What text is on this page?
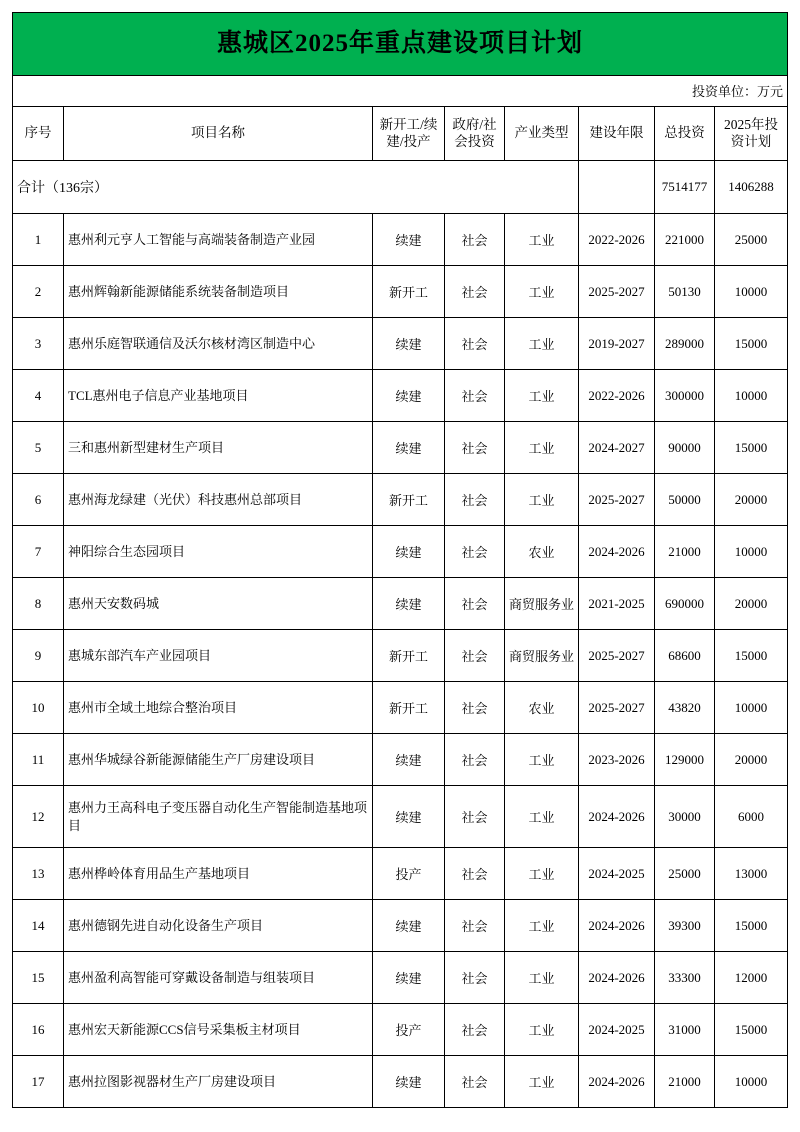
惠城区2025年重点建设项目计划							
投资单位：万元							
序号	项目名称	新开工/续建/投产	政府/社会投资	产业类型	建设年限	总投资	2025年投资计划
合计（136宗）						7514177	1406288
1	惠州利元亨人工智能与高端装备制造产业园	续建	社会	工业	2022-2026	221000	25000
2	惠州辉翰新能源储能系统装备制造项目	新开工	社会	工业	2025-2027	50130	10000
3	惠州乐庭智联通信及沃尔核材湾区制造中心	续建	社会	工业	2019-2027	289000	15000
4	TCL惠州电子信息产业基地项目	续建	社会	工业	2022-2026	300000	10000
5	三和惠州新型建材生产项目	续建	社会	工业	2024-2027	90000	15000
6	惠州海龙绿建（光伏）科技惠州总部项目	新开工	社会	工业	2025-2027	50000	20000
7	神阳综合生态园项目	续建	社会	农业	2024-2026	21000	10000
8	惠州天安数码城	续建	社会	商贸服务业	2021-2025	690000	20000
9	惠城东部汽车产业园项目	新开工	社会	商贸服务业	2025-2027	68600	15000
10	惠州市全域土地综合整治项目	新开工	社会	农业	2025-2027	43820	10000
11	惠州华城绿谷新能源储能生产厂房建设项目	续建	社会	工业	2023-2026	129000	20000
12	惠州力王高科电子变压器自动化生产智能制造基地项目	续建	社会	工业	2024-2026	30000	6000
13	惠州桦岭体育用品生产基地项目	投产	社会	工业	2024-2025	25000	13000
14	惠州德钢先进自动化设备生产项目	续建	社会	工业	2024-2026	39300	15000
15	惠州盈利高智能可穿戴设备制造与组装项目	续建	社会	工业	2024-2026	33300	12000
16	惠州宏天新能源CCS信号采集板主材项目	投产	社会	工业	2024-2025	31000	15000
17	惠州拉图影视器材生产厂房建设项目	续建	社会	工业	2024-2026	21000	10000
